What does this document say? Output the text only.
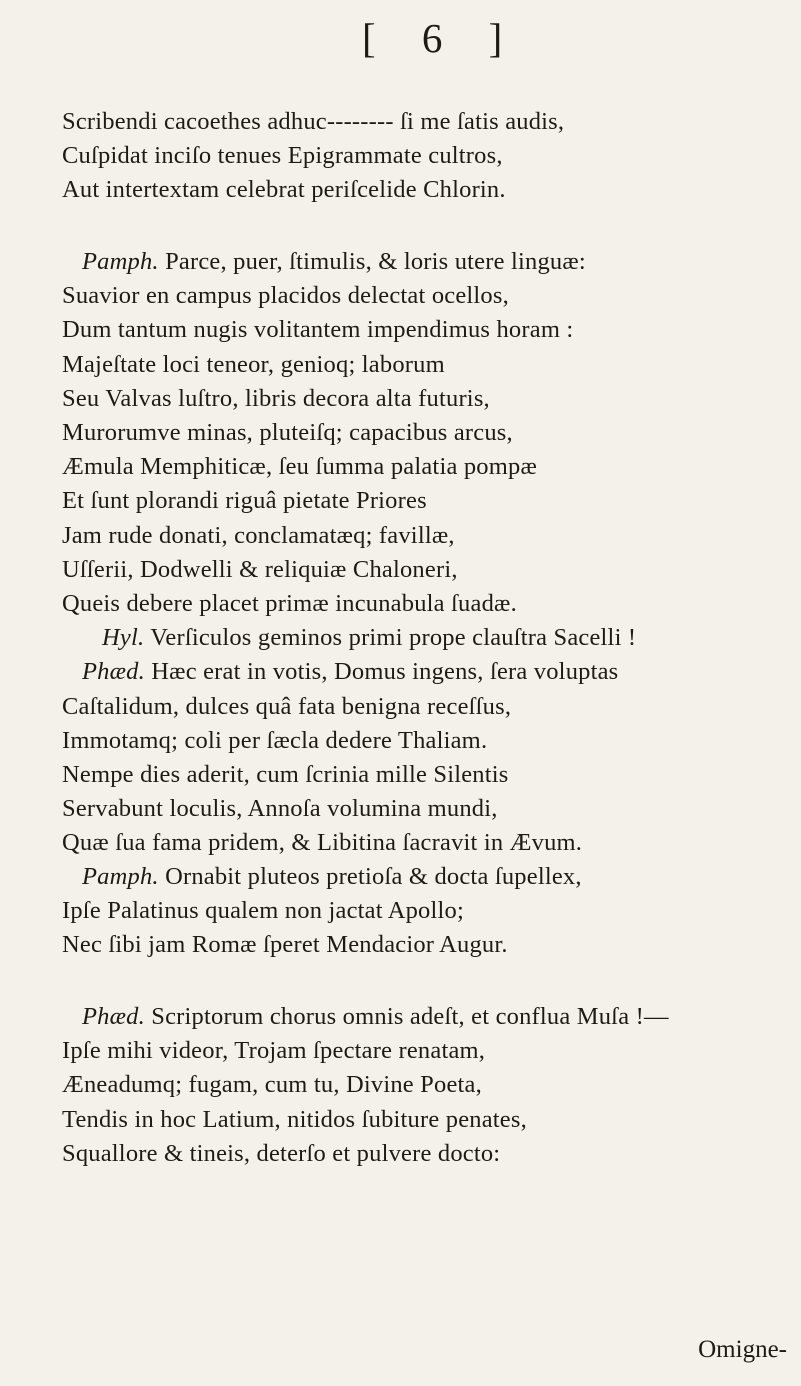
[ 6 ]
Scribendi cacoethes adhuc-------- ſi me ſatis audis,
Cuſpidat inciſo tenues Epigrammate cultros,
Aut intertextam celebrat periſcelide Chlorin.
Pamph. Parce, puer, ſtimulis, & loris utere linguæ:
Suavior en campus placidos delectat ocellos,
Dum tantum nugis volitantem impendimus horam :
Majeſtate loci teneor, genioq; laborum
Seu Valvas luſtro, libris decora alta futuris,
Murorumve minas, pluteiſq; capacibus arcus,
Æmula Memphiticæ, ſeu ſumma palatia pompæ
Et ſunt plorandi riguâ pietate Priores
Jam rude donati, conclamatæq; favillæ,
Uſſerii, Dodwelli & reliquiæ Chaloneri,
Queis debere placet primæ incunabula ſuadæ.
Hyl. Verſiculos geminos primi prope clauſtra Sacelli !
Phæd. Hæc erat in votis, Domus ingens, ſera voluptas
Caſtalidum, dulces quâ fata benigna receſſus,
Immotamq; coli per ſæcla dedere Thaliam.
Nempe dies aderit, cum ſcrinia mille Silentis
Servabunt loculis, Annoſa volumina mundi,
Quæ ſua fama pridem, & Libitina ſacravit in Ævum.
Pamph. Ornabit pluteos pretioſa & docta ſupellex,
Ipſe Palatinus qualem non jactat Apollo;
Nec ſibi jam Romæ ſperet Mendacior Augur.
Phæd. Scriptorum chorus omnis adeſt, et conflua Muſa !—
Ipſe mihi videor, Trojam ſpectare renatam,
Æneadumq; fugam, cum tu, Divine Poeta,
Tendis in hoc Latium, nitidos ſubiture penates,
Squallore & tineis, deterſo et pulvere docto:
Omigne-
